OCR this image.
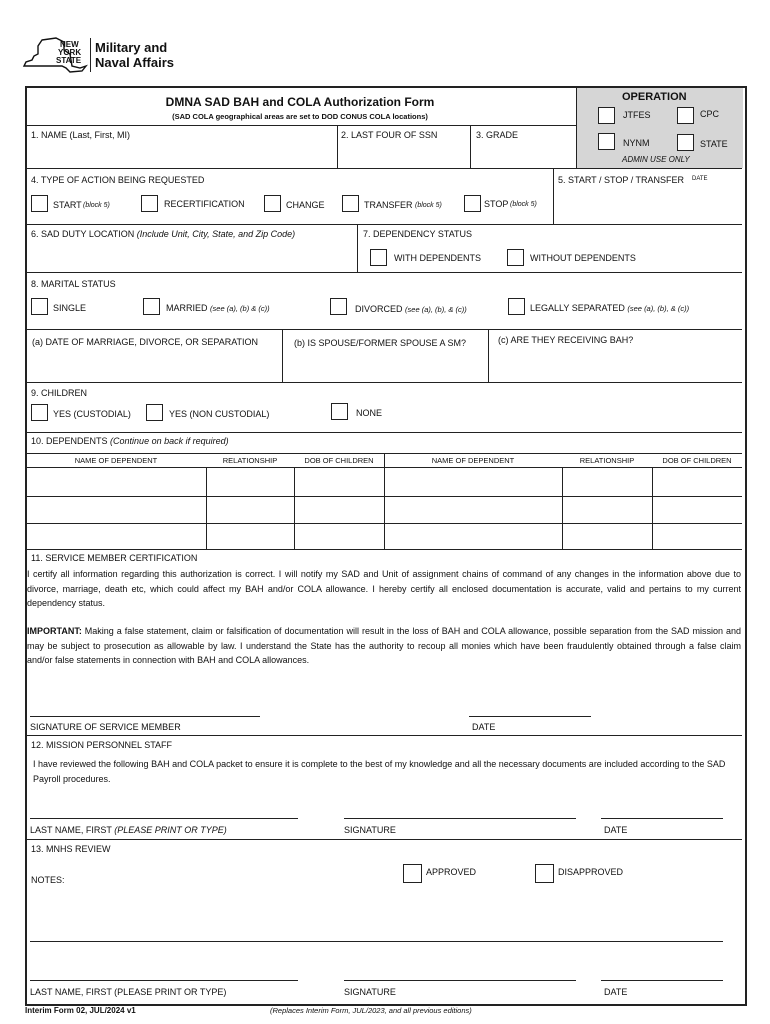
NEW
YORK
STATE
Military and
Naval Affairs
DMNA SAD BAH and COLA Authorization Form
(SAD COLA geographical areas are set to DOD CONUS COLA locations)
OPERATION
JTFES	CPC
NYNM	STATE
ADMIN USE ONLY
1. NAME (Last, First, MI)	2. LAST FOUR OF SSN	3. GRADE
4. TYPE OF ACTION BEING REQUESTED	5. START / STOP / TRANSFER DATE
START (block 5)	RECERTIFICATION	CHANGE	TRANSFER (block 5)	STOP (block 5)
6. SAD DUTY LOCATION (Include Unit, City, State, and Zip Code)	7. DEPENDENCY STATUS
WITH DEPENDENTS	WITHOUT DEPENDENTS
8. MARITAL STATUS
SINGLE	MARRIED (see (a), (b) & (c))	DIVORCED (see (a), (b), & (c))	LEGALLY SEPARATED (see (a), (b), & (c))
(a) DATE OF MARRIAGE, DIVORCE, OR SEPARATION	(b) IS SPOUSE/FORMER SPOUSE A SM?	(c) ARE THEY RECEIVING BAH?
9. CHILDREN
YES (CUSTODIAL)	YES (NON CUSTODIAL)	NONE
10. DEPENDENTS (Continue on back if required)
NAME OF DEPENDENT	RELATIONSHIP	DOB OF CHILDREN	NAME OF DEPENDENT	RELATIONSHIP	DOB OF CHILDREN
11. SERVICE MEMBER CERTIFICATION
I certify all information regarding this authorization is correct. I will notify my SAD and Unit of assignment chains of command of any changes in the information above due to divorce, marriage, death etc, which could affect my BAH and/or COLA allowance. I hereby certify all enclosed documentation is accurate, valid and pertains to my current dependency status.
IMPORTANT: Making a false statement, claim or falsification of documentation will result in the loss of BAH and COLA allowance, possible separation from the SAD mission and may be subject to prosecution as allowable by law. I understand the State has the authority to recoup all monies which have been fraudulently obtained through a false claim and/or false statements in connection with BAH and COLA allowances.
SIGNATURE OF SERVICE MEMBER	DATE
12. MISSION PERSONNEL STAFF
I have reviewed the following BAH and COLA packet to ensure it is complete to the best of my knowledge and all the necessary documents are included according to the SAD Payroll procedures.
LAST NAME, FIRST (PLEASE PRINT OR TYPE)	SIGNATURE	DATE
13. MNHS REVIEW
NOTES:
APPROVED	DISAPPROVED
LAST NAME, FIRST (PLEASE PRINT OR TYPE)	SIGNATURE	DATE
Interim Form 02, JUL/2024 v1	(Replaces Interim Form, JUL/2023, and all previous editions)
